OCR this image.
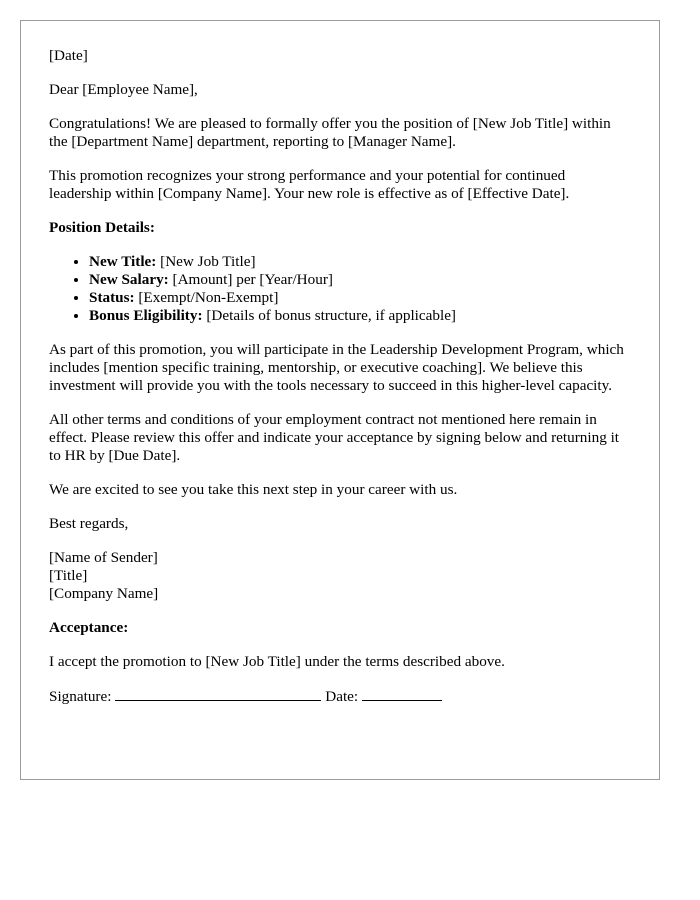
[Date]

Dear [Employee Name],

Congratulations! We are pleased to formally offer you the position of [New Job Title] within the [Department Name] department, reporting to [Manager Name].

This promotion recognizes your strong performance and your potential for continued leadership within [Company Name]. Your new role is effective as of [Effective Date].

Position Details:

• New Title: [New Job Title]
• New Salary: [Amount] per [Year/Hour]
• Status: [Exempt/Non-Exempt]
• Bonus Eligibility: [Details of bonus structure, if applicable]

As part of this promotion, you will participate in the Leadership Development Program, which includes [mention specific training, mentorship, or executive coaching]. We believe this investment will provide you with the tools necessary to succeed in this higher-level capacity.

All other terms and conditions of your employment contract not mentioned here remain in effect. Please review this offer and indicate your acceptance by signing below and returning it to HR by [Due Date].

We are excited to see you take this next step in your career with us.

Best regards,

[Name of Sender]
[Title]
[Company Name]

Acceptance:

I accept the promotion to [New Job Title] under the terms described above.

Signature:	Date:
